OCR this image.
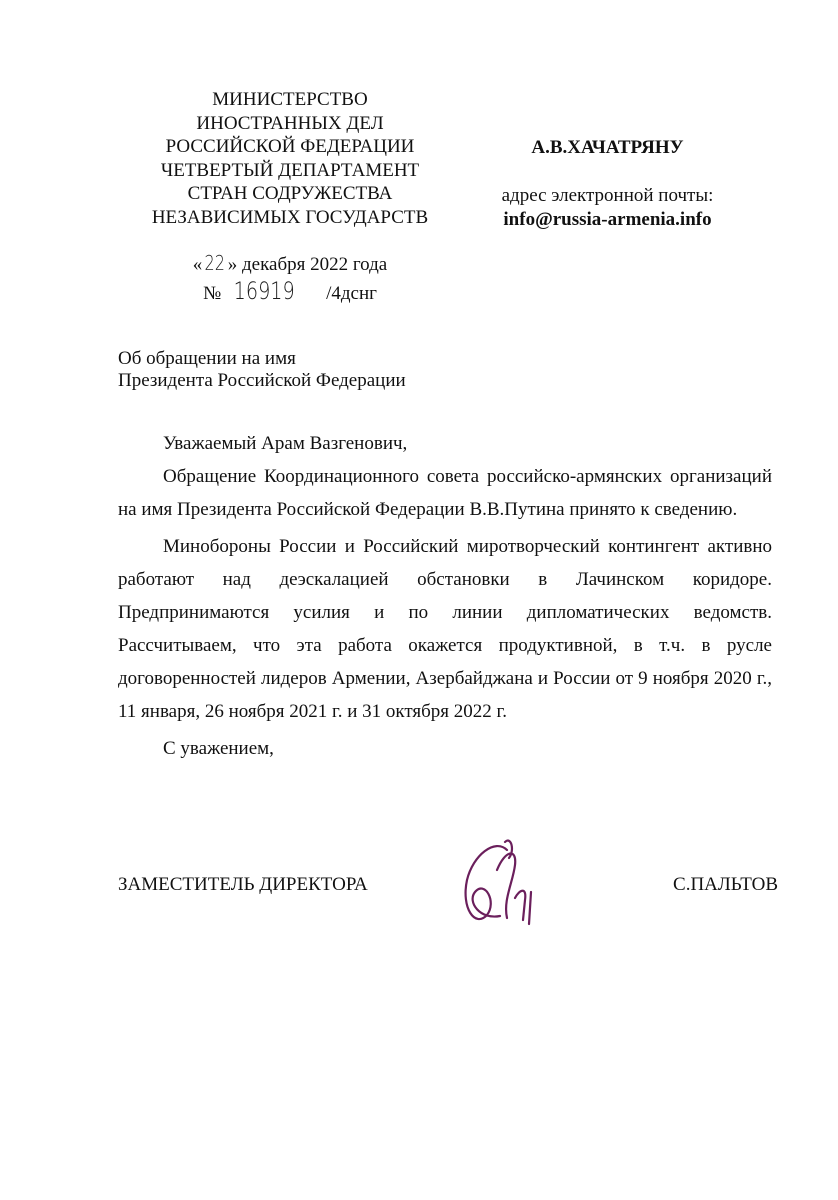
МИНИСТЕРСТВО
ИНОСТРАННЫХ ДЕЛ
РОССИЙСКОЙ ФЕДЕРАЦИИ
ЧЕТВЕРТЫЙ ДЕПАРТАМЕНТ
СТРАН СОДРУЖЕСТВА
НЕЗАВИСИМЫХ ГОСУДАРСТВ
А.В.ХАЧАТРЯНУ
адрес электронной почты:
info@russia-armenia.info
« 22 » декабря 2022 года
№ 16919 /4дснг
Об обращении на имя
Президента Российской Федерации

Уважаемый Арам Вазгенович,

Обращение Координационного совета российско-армянских организаций на имя Президента Российской Федерации В.В.Путина принято к сведению.

Минобороны России и Российский миротворческий контингент активно работают над деэскалацией обстановки в Лачинском коридоре. Предпринимаются усилия и по линии дипломатических ведомств. Рассчитываем, что эта работа окажется продуктивной, в т.ч. в русле договоренностей лидеров Армении, Азербайджана и России от 9 ноября 2020 г., 11 января, 26 ноября 2021 г. и 31 октября 2022 г.

С уважением,

ЗАМЕСТИТЕЛЬ ДИРЕКТОРА	С.ПАЛЬТОВ
